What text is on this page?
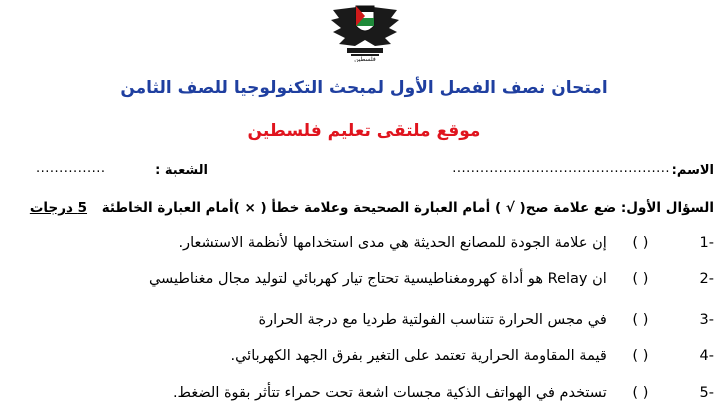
فلسطين
امتحان نصف الفصل الأول لمبحث التكنولوجيا للصف الثامن
موقع ملتقى تعليم فلسطين
الاسم:
...............................................
الشعبة :
...............
السؤال الأول: ضع علامة صح( √ ) أمام العبارة الصحيحة وعلامة خطأ ( × )أمام العبارة الخاطئة 5 درجات
-1 ( ) إن علامة الجودة للمصانع الحديثة هي مدى استخدامها لأنظمة الاستشعار.
-2 ( ) ان Relay هو أداة كهرومغناطيسية تحتاج تيار كهربائي لتوليد مجال مغناطيسي
-3 ( ) في مجس الحرارة تتناسب الفولتية طرديا مع درجة الحرارة
-4 ( ) قيمة المقاومة الحرارية تعتمد على التغير بفرق الجهد الكهربائي.
-5 ( ) تستخدم في الهواتف الذكية مجسات اشعة تحت حمراء تتأثر بقوة الضغط.
